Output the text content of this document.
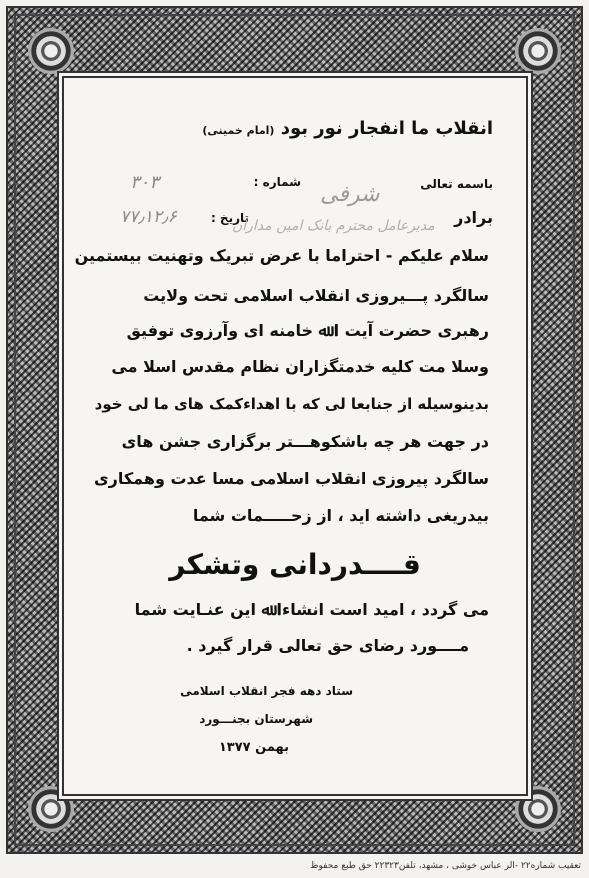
انقلاب ما انفجار نور بود (امام خمینی)
باسمه تعالی
شماره :
۳۰۳	شرفی
برادر
تاریخ :
۷۷٫۱۲٫۶	مدیرعامل محترم بانک امین مداران
سلام علیکم - احتراما با عرض تبریک وتهنیت بیستمین
سالگرد پـــیروزی انقلاب اسلامی تحت ولایت
رهبری حضرت آیت ا ﷲ خامنه ای وآرزوی توفیق
وسلا مت کلیه خدمتگزاران نظام مقدس اسلا می
بدینوسیله از جنابعا لی که با اهداءکمک های ما لی خود
در جهت هر چه باشکوهـــتر برگزاری جشن های
سالگرد پیروزی انقلاب اسلامی مسا عدت وهمکاری
بیدریغی داشته اید ، از زحـــــمات شما
قــــدردانی وتشکر
می گردد ، امید است انشاءا ﷲ این عنـایت شما
مــــورد رضای حق تعالی قرار گیرد .
ستاد دهه فجر انقلاب اسلامی
شهرستان بجنـــورد
بهمن ۱۳۷۷
تعقیب شماره۲۲ -الر عباس خوشی ، مشهد، تلفن۲۲۳۲۳ حق طبع محفوظ
